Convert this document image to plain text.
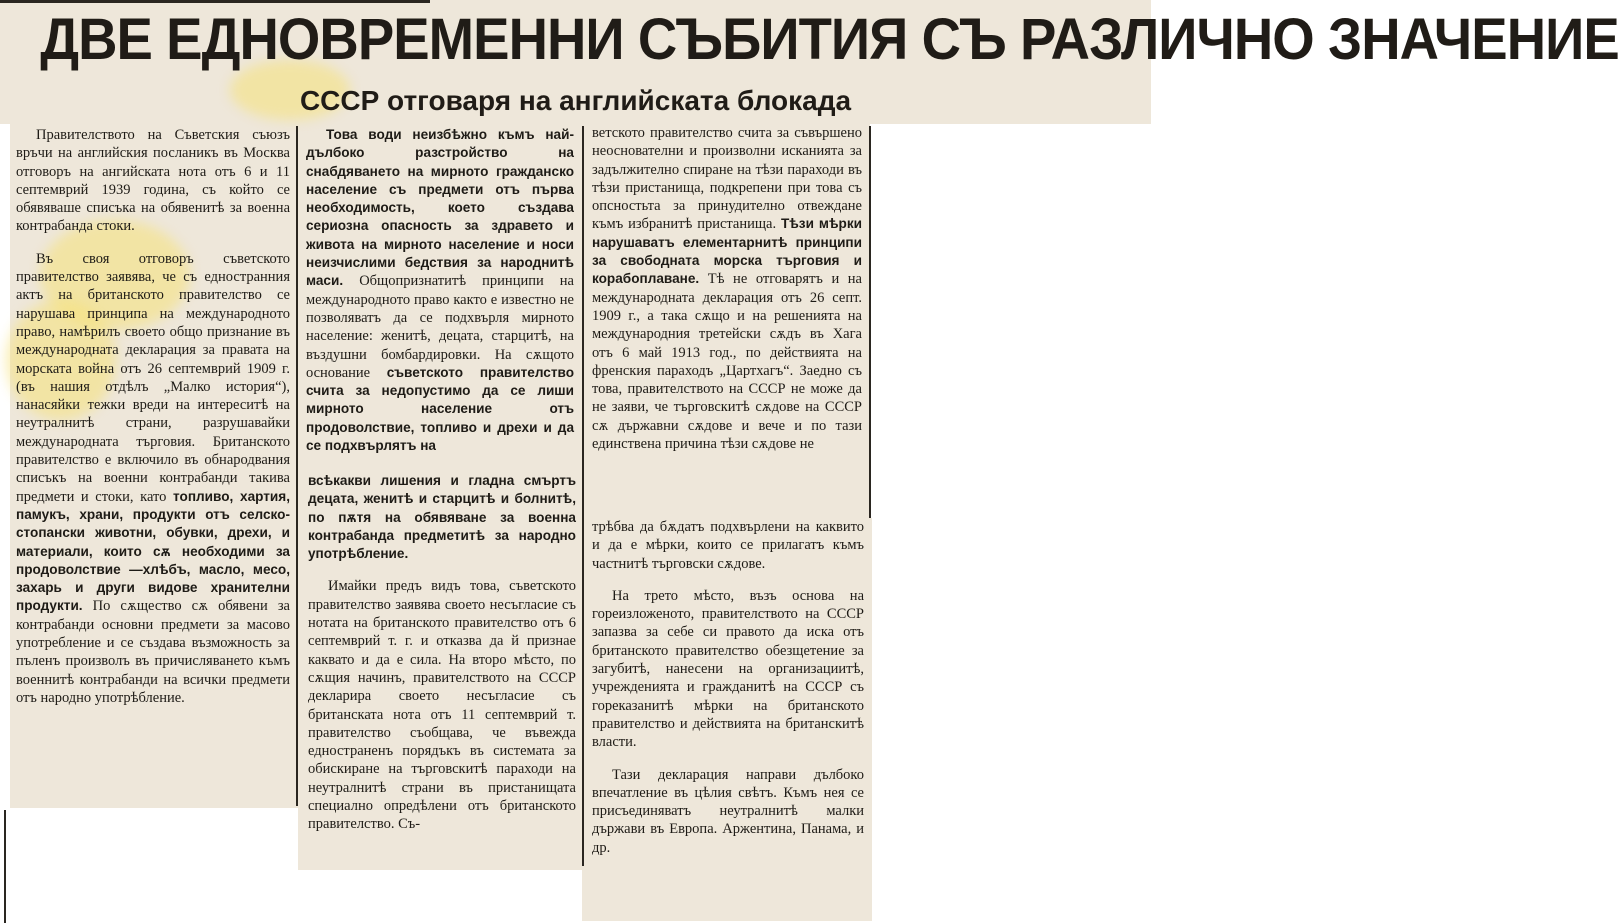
ДВЕ ЕДНОВРЕМЕННИ СЪБИТИЯ СЪ РАЗЛИЧНО ЗНАЧЕНИЕ
СССР отговаря на английската блокада

Правителството на Съветския съюзъ връчи на английския посланикъ въ Москва отговоръ на ангийската нота отъ 6 и 11 септемврий 1939 година, съ който се обявяваше списъка на обявенитѣ за военна контрабанда стоки.

Въ своя отговоръ съветското правителство заявява, че съ едностранния актъ на британското правителство се нарушава принципа на международното право, намѣрилъ своето общо признание въ международната декларация за правата на морската война отъ 26 септемврий 1909 г. (въ нашия отдѣлъ „Малко история“), нанасяйки тежки вреди на интереситѣ на неутралнитѣ страни, разрушавайки международната търговия. Британското правителство е включило въ обнародвания списъкъ на военни контрабанди такива предмети и стоки, като топливо, хартия, памукъ, храни, продукти отъ селско-стопански животни, обувки, дрехи, и материали, които сѫ необходими за продоволствие —хлѣбъ, масло, месо, захарь и други видове хранителни продукти. По сѫщество сѫ обявени за контрабанди основни предмети за масово употребление и се създава възможность за пъленъ произволъ въ причисляването къмъ военнитѣ контрабанди на всички предмети отъ народно употрѣбление.

Това води неизбѣжно къмъ най-дълбоко разстройство на снабдяването на мирното гражданско население съ предмети отъ първа необходимость, което създава сериозна опасность за здравето и живота на мирното население и носи неизчислими бедствия за народнитѣ маси. Общопризнатитѣ принципи на международното право както е известно не позволяватъ да се подхвърля мирното население: женитѣ, децата, старцитѣ, на въздушни бомбардировки. На сѫщото основание съветското правителство счита за недопустимо да се лиши мирното население отъ продоволствие, топливо и дрехи и да се подхвърлятъ на

всѣкакви лишения и гладна смъртъ децата, женитѣ и старцитѣ и болнитѣ, по пѫтя на обявяване за военна контрабанда предметитѣ за народно употрѣбление.

Имайки предъ видъ това, съветското правителство заявява своето несъгласие съ нотата на британското правителство отъ 6 септемврий т. г. и отказва да й признае каквато и да е сила. На второ мѣсто, по сѫщия начинъ, правителството на СССР декларира своето несъгласие съ британската нота отъ 11 септемврий т. правителство съобщава, че въвежда едностраненъ порядъкъ въ системата за обискиране на търговскитѣ параходи на неутралнитѣ страни въ пристанищата специално опредѣлени отъ британското правителство. Съ-

ветското правителство счита за съвършено неоснователни и произволни исканията за задължително спиране на тѣзи параходи въ тѣзи пристанища, подкрепени при това съ опсностьта за принудително отвеждане къмъ избранитѣ пристанища. Тѣзи мѣрки нарушаватъ елементарнитѣ принципи за свободната морска търговия и корабоплаване. Тѣ не отговарятъ и на международната декларация отъ 26 септ. 1909 г., а така сѫщо и на решенията на международния третейски сѫдъ въ Хага отъ 6 май 1913 год., по действията на френския параходъ „Цартхагъ“. Заедно съ това, правителството на СССР не може да не заяви, че търговскитѣ сѫдове на СССР сѫ държавни сѫдове и вече и по тази единствена причина тѣзи сѫдове не

трѣбва да бѫдатъ подхвърлени на каквито и да е мѣрки, които се прилагатъ къмъ частнитѣ търговски сѫдове.

На трето мѣсто, възъ основа на гореизложеното, правителството на СССР запазва за себе си правото да иска отъ британското правителство обезщетение за загубитѣ, нанесени на организациитѣ, учрежденията и гражданитѣ на СССР съ гореказанитѣ мѣрки на британското правителство и действията на британскитѣ власти.

Тази декларация направи дълбоко впечатление въ цѣлия свѣтъ. Къмъ нея се присъединяватъ неутралнитѣ малки държави въ Европа. Аржентина, Панама, и др.
